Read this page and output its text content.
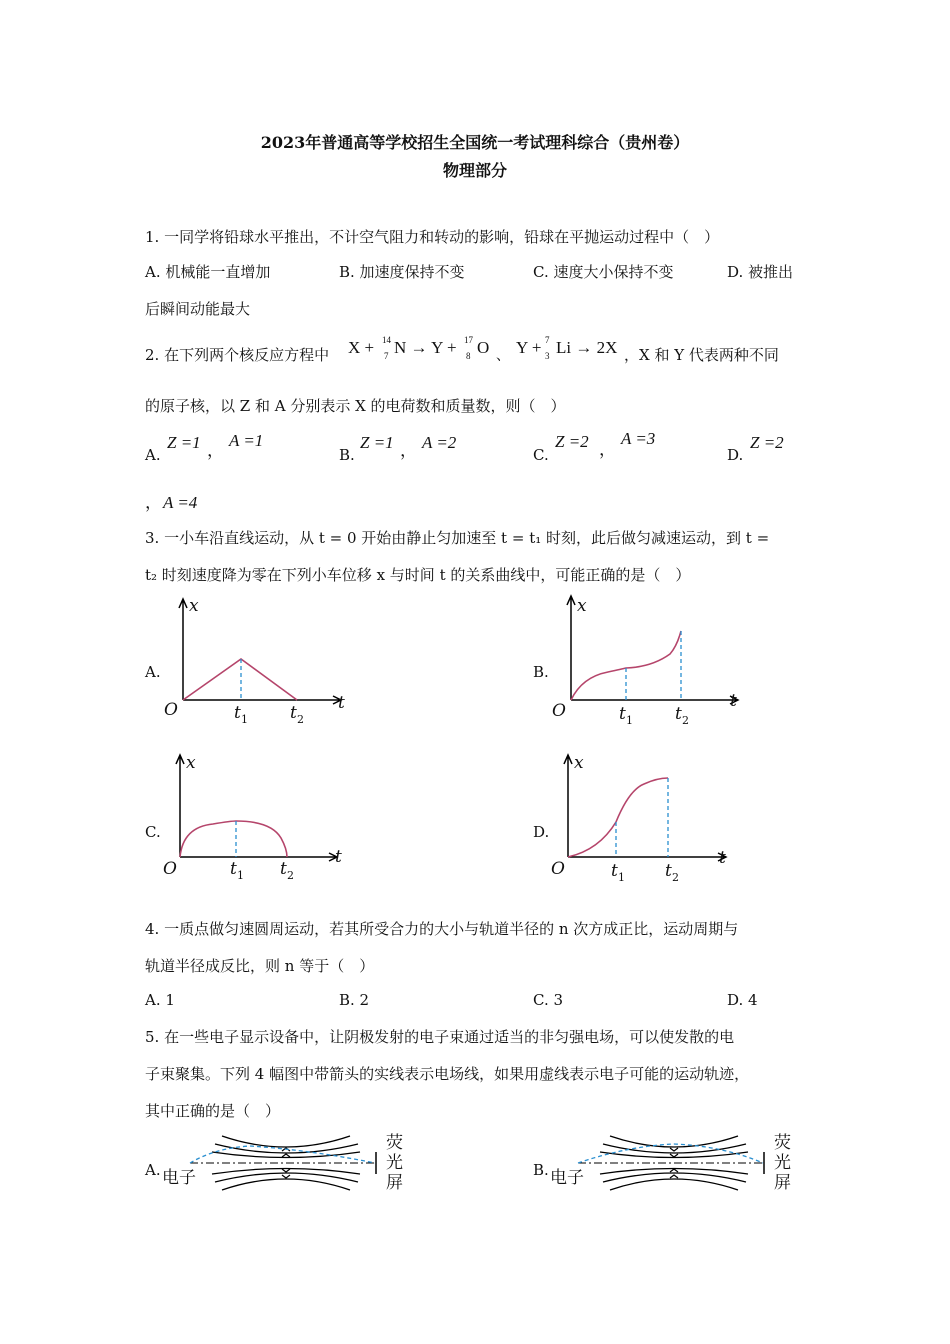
2023年普通高等学校招生全国统一考试理科综合（贵州卷）
物理部分
1. 一同学将铅球水平推出，不计空气阻力和转动的影响，铅球在平抛运动过程中（　）
A. 机械能一直增加	B. 加速度保持不变	C. 速度大小保持不变	D. 被推出
后瞬间动能最大
2. 在下列两个核反应方程中 X + 14
7 N → Y + 17
8 O 、 Y + 7
3 Li → 2X ，X 和 Y 代表两种不同
的原子核，以 Z 和 A 分别表示 X 的电荷数和质量数，则（　）
A.
Z =1 ，
A =1
B.
Z =1 ， A =2
C.
Z =2 ，
A =3
D.
Z =2
， A =4
3. 一小车沿直线运动，从 t = 0 开始由静止匀加速至 t = t₁ 时刻，此后做匀减速运动，到 t =
t₂ 时刻速度降为零在下列小车位移 x 与时间 t 的关系曲线中，可能正确的是（　）
A.
x
t
O	t 1 t 2
B.
x
t
O	t 1 t 2
C.
x
t
O	t 1 t 2
D.
x
t
O	t 1 t 2
4. 一质点做匀速圆周运动，若其所受合力的大小与轨道半径的 n 次方成正比，运动周期与
轨道半径成反比，则 n 等于（　）
A. 1	B. 2	C. 3	D. 4
5. 在一些电子显示设备中，让阴极发射的电子束通过适当的非匀强电场，可以使发散的电
子束聚集。下列 4 幅图中带箭头的实线表示电场线，如果用虚线表示电子可能的运动轨迹，
其中正确的是（　）
A. 电子
荧
光
屏
B. 电子
荧
光
屏
